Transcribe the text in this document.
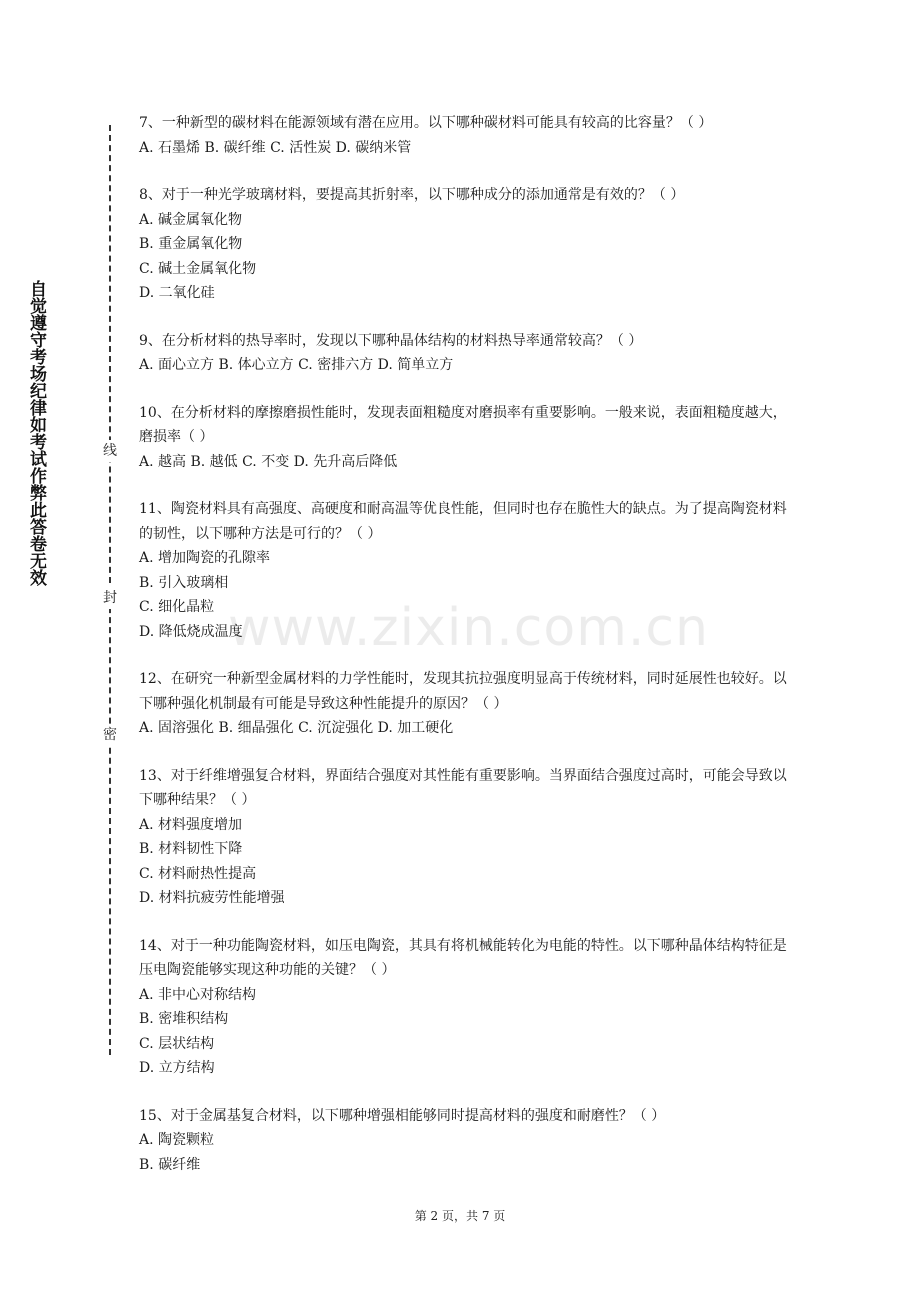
自觉遵守考场纪律如考试作弊此答卷无效	线
封
密
www.zixin.com.cn

7、一种新型的碳材料在能源领域有潜在应用。以下哪种碳材料可能具有较高的比容量？（ ）

A. 石墨烯 B. 碳纤维 C. 活性炭 D. 碳纳米管

8、对于一种光学玻璃材料，要提高其折射率，以下哪种成分的添加通常是有效的？（ ）

A. 碱金属氧化物

B. 重金属氧化物

C. 碱土金属氧化物

D. 二氧化硅

9、在分析材料的热导率时，发现以下哪种晶体结构的材料热导率通常较高？（ ）

A. 面心立方 B. 体心立方 C. 密排六方 D. 简单立方

10、在分析材料的摩擦磨损性能时，发现表面粗糙度对磨损率有重要影响。一般来说，表面粗糙度越大，磨损率（ ）

A. 越高 B. 越低 C. 不变 D. 先升高后降低

11、陶瓷材料具有高强度、高硬度和耐高温等优良性能，但同时也存在脆性大的缺点。为了提高陶瓷材料的韧性，以下哪种方法是可行的？（ ）

A. 增加陶瓷的孔隙率

B. 引入玻璃相

C. 细化晶粒

D. 降低烧成温度

12、在研究一种新型金属材料的力学性能时，发现其抗拉强度明显高于传统材料，同时延展性也较好。以下哪种强化机制最有可能是导致这种性能提升的原因？（ ）

A. 固溶强化 B. 细晶强化 C. 沉淀强化 D. 加工硬化

13、对于纤维增强复合材料，界面结合强度对其性能有重要影响。当界面结合强度过高时，可能会导致以下哪种结果？（ ）

A. 材料强度增加

B. 材料韧性下降

C. 材料耐热性提高

D. 材料抗疲劳性能增强

14、对于一种功能陶瓷材料，如压电陶瓷，其具有将机械能转化为电能的特性。以下哪种晶体结构特征是压电陶瓷能够实现这种功能的关键？（ ）

A. 非中心对称结构

B. 密堆积结构

C. 层状结构

D. 立方结构

15、对于金属基复合材料，以下哪种增强相能够同时提高材料的强度和耐磨性？（ ）

A. 陶瓷颗粒

B. 碳纤维

第 2 页，共 7 页
